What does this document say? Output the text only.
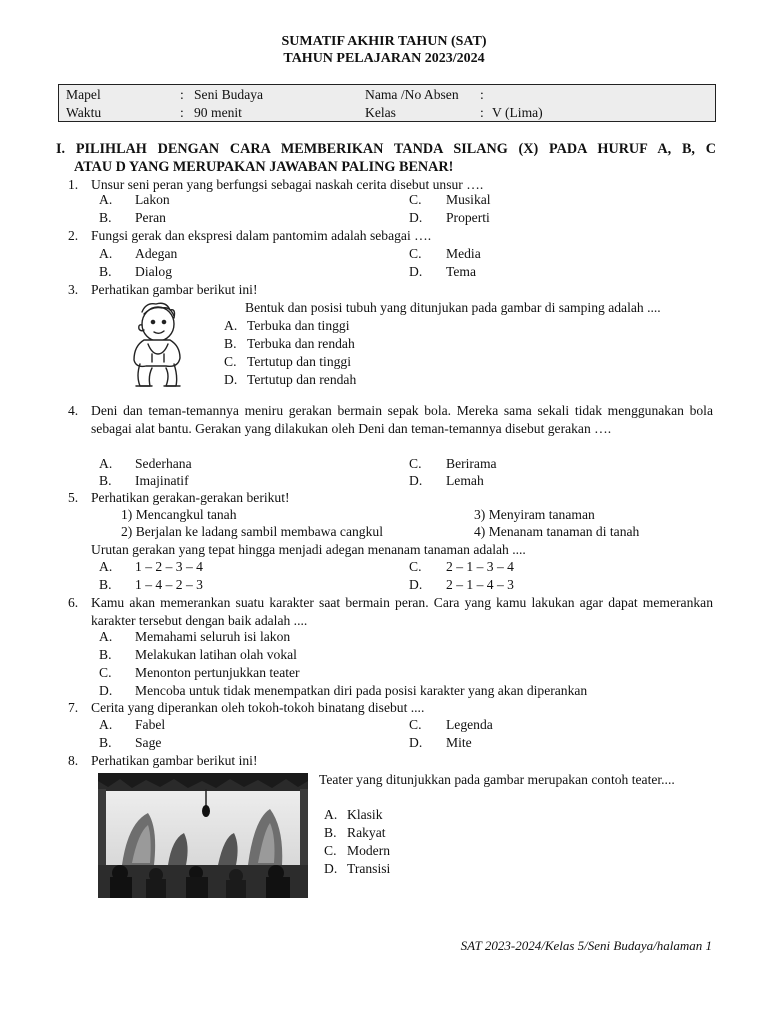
SUMATIF AKHIR TAHUN (SAT)
TAHUN PELAJARAN 2023/2024
Mapel	: Seni Budaya	Nama /No Absen :
Waktu	: 90 menit	Kelas	: V (Lima)
I. PILIHLAH DENGAN CARA MEMBERIKAN TANDA SILANG (X) PADA HURUF A, B, C
ATAU D YANG MERUPAKAN JAWABAN PALING BENAR!
1. Unsur seni peran yang berfungsi sebagai naskah cerita disebut unsur ….
A. Lakon	C. Musikal
B. Peran	D. Properti
2. Fungsi gerak dan ekspresi dalam pantomim adalah sebagai ….
A. Adegan	C. Media
B. Dialog	D. Tema
3. Perhatikan gambar berikut ini!
Bentuk dan posisi tubuh yang ditunjukan pada gambar di samping adalah ....
A. Terbuka dan tinggi
B. Terbuka dan rendah
C. Tertutup dan tinggi
D. Tertutup dan rendah
4. Deni dan teman-temannya meniru gerakan bermain sepak bola. Mereka sama sekali tidak menggunakan bola sebagai alat bantu. Gerakan yang dilakukan oleh Deni dan teman-temannya disebut gerakan ….
A. Sederhana	C. Berirama
B. Imajinatif	D. Lemah
5. Perhatikan gerakan-gerakan berikut!
1) Mencangkul tanah	3) Menyiram tanaman
2) Berjalan ke ladang sambil membawa cangkul	4) Menanam tanaman di tanah
Urutan gerakan yang tepat hingga menjadi adegan menanam tanaman adalah ....
A. 1 – 2 – 3 – 4	C. 2 – 1 – 3 – 4
B. 1 – 4 – 2 – 3	D. 2 – 1 – 4 – 3
6. Kamu akan memerankan suatu karakter saat bermain peran. Cara yang kamu lakukan agar dapat memerankan karakter tersebut dengan baik adalah ....
A. Memahami seluruh isi lakon
B. Melakukan latihan olah vokal
C. Menonton pertunjukkan teater
D. Mencoba untuk tidak menempatkan diri pada posisi karakter yang akan diperankan
7. Cerita yang diperankan oleh tokoh-tokoh binatang disebut ....
A. Fabel	C. Legenda
B. Sage	D. Mite
8. Perhatikan gambar berikut ini!
Teater yang ditunjukkan pada gambar merupakan contoh teater....
A. Klasik
B. Rakyat
C. Modern
D. Transisi
SAT 2023-2024/Kelas 5/Seni Budaya/halaman 1
